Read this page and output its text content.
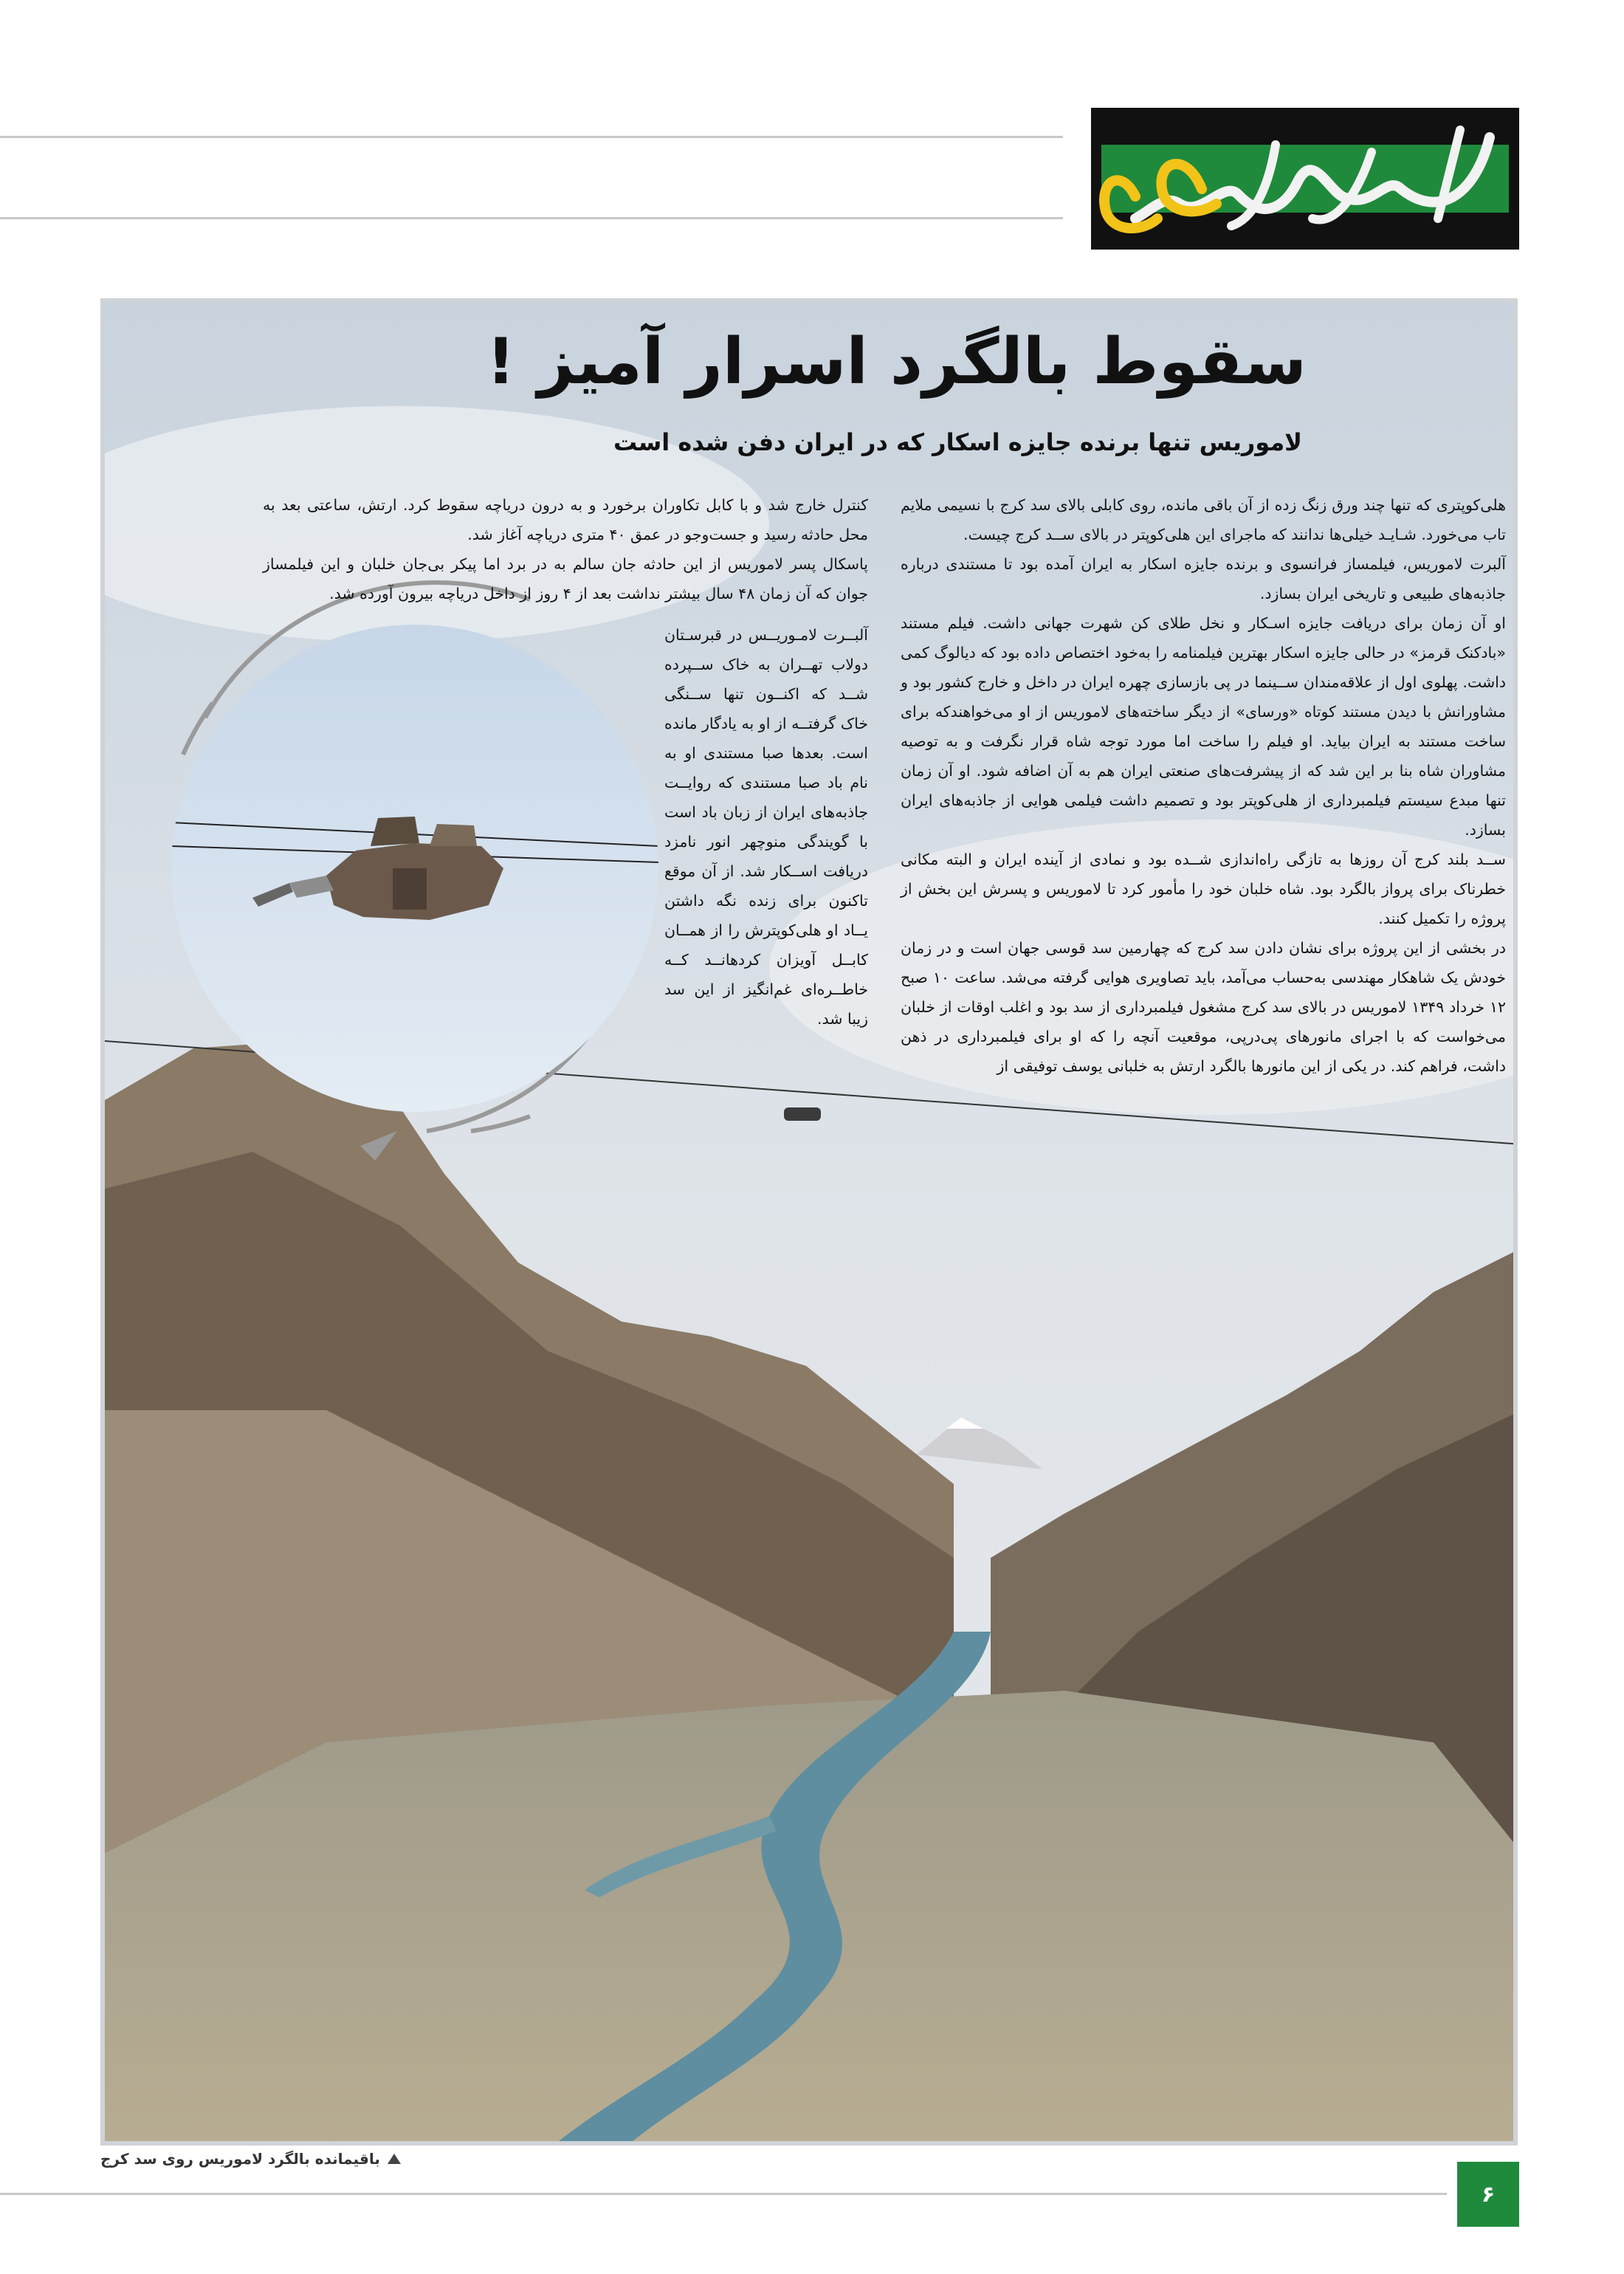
سقوط بالگرد اسرار آمیز !
لاموریس تنها برنده جایزه اسکار که در ایران دفن شده است

هلی‌کوپتری که تنها چند ورق زنگ زده از آن باقی مانده، روی کابلی بالای سد کرج با نسیمی ملایم تاب می‌خورد. شـایـد خیلی‌ها ندانند که ماجرای این هلی‌کوپتر در بالای ســد کرج چیست.

آلبرت لاموریس، فیلمساز فرانسوی و برنده جایزه اسکار به ایران آمده بود تا مستندی درباره جاذبه‌های طبیعی و تاریخی ایران بسازد.

او آن زمان برای دریافت جایزه اسـکار و نخل طلای کن شهرت جهانی داشت. فیلم مستند «بادکنک قرمز» در حالی جایزه اسکار بهترین فیلمنامه را به‌خود اختصاص داده بود که دیالوگ کمی داشت. پهلوی اول از علاقه‌مندان ســینما در پی بازسازی چهره ایران در داخل و خارج کشور بود و مشاورانش با دیدن مستند کوتاه «ورسای» از دیگر ساخته‌های لاموریس از او می‌خواهندکه برای ساخت مستند به ایران بیاید. او فیلم را ساخت اما مورد توجه شاه قرار نگرفت و به توصیه مشاوران شاه بنا بر این شد که از پیشرفت‌های صنعتی ایران هم به آن اضافه شود. او آن زمان تنها مبدع سیستم فیلمبرداری از هلی‌کوپتر بود و تصمیم داشت فیلمی هوایی از جاذبه‌های ایران بسازد.

ســد بلند کرج آن روزها به تازگی راه‌اندازی شــده بود و نمادی از آینده ایران و البته مکانی خطرناک برای پرواز بالگرد بود. شاه خلبان خود را مأمور کرد تا لاموریس و پسرش این بخش از پروژه را تکمیل کنند.

در بخشی از این پروژه برای نشان دادن سد کرج که چهارمین سد قوسی جهان است و در زمان خودش یک شاهکار مهندسی به‌حساب می‌آمد، باید تصاویری هوایی گرفته می‌شد. ساعت ۱۰ صبح ۱۲ خرداد ۱۳۴۹ لاموریس در بالای سد کرج مشغول فیلمبرداری از سد بود و اغلب اوقات از خلبان می‌خواست که با اجرای مانورهای پی‌درپی، موقعیت آنچه را که او برای فیلمبرداری در ذهن داشت، فراهم کند. در یکی از این مانورها بالگرد ارتش به خلبانی یوسف توفیقی از

کنترل خارج شد و با کابل تکاوران برخورد و به درون دریاچه سقوط کرد. ارتش، ساعتی بعد به محل حادثه رسید و جست‌وجو در عمق ۴۰ متری دریاچه آغاز شد.

پاسکال پسر لاموریس از این حادثه جان سالم به در برد اما پیکر بی‌جان خلبان و این فیلمساز جوان که آن زمان ۴۸ سال بیشتر نداشت بعد از ۴ روز از داخل دریاچه بیرون آورده شد.

آلبــرت لامـوریــس در قبرسـتان دولاب تهــران به خاک ســپرده شــد که اکنــون تنها ســنگی خاک گرفتــه از او به یادگار مانده است. بعدها صبا مستندی او به نام باد صبا مستندی که روایــت جاذبه‌های ایران از زبان باد است با گویندگی منوچهر انور نامزد دریافت اســکار شد. از آن موقع تاکنون برای زنده نگه داشتن یــاد او هلی‌کوپترش را از همــان کابــل آویزان کردهانــد کــه خاطــره‌ای غم‌انگیز از این سد زیبا شد.

باقیمانده بالگرد لاموریس روی سد کرج
۶
